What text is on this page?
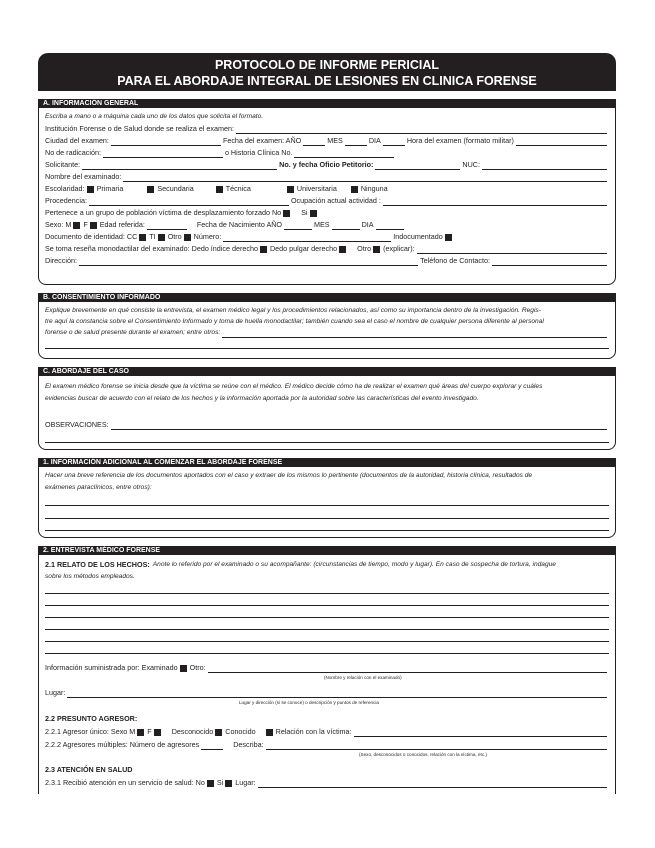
PROTOCOLO DE INFORME PERICIAL
PARA EL ABORDAJE INTEGRAL DE LESIONES EN CLINICA FORENSE
A. INFORMACIÓN GENERAL
Escriba a mano o a máquina cada uno de los datos que solicita el formato.
Institución Forense o de Salud donde se realiza el examen:
Ciudad del examen:	Fecha del examen: AÑO	MES	DIA	Hora del examen (formato militar)
No de radicación:	o Historia Clínica No.
Solicitante:	No. y fecha Oficio Petitorio:	NUC:
Nombre del examinado:
Escolaridad: Primaria	Secundaria	Técnica	Universitaria	Ninguna
Procedencia:	Ocupación actual actividad :
Pertenece a un grupo de población víctima de desplazamiento forzado No	Si
Sexo: M F Edad referida:	Fecha de Nacimiento AÑO	MES	DIA
Documento de identidad: CC TI Otro Número:	Indocumentado
Se toma reseña monodactilar del examinado: Dedo índice derecho Dedo pulgar derecho	Otro (explicar):
Dirección:	Teléfono de Contacto:
B. CONSENTIMIENTO INFORMADO
Explique brevemente en qué consiste la entrevista, el examen médico legal y los procedimientos relacionados, así como su importancia dentro de la investigación. Regis-
tre aquí la constancia sobre el Consentimiento Informado y toma de huella monodactilar; también cuando sea el caso el nombre de cualquier persona diferente al personal
forense o de salud presente durante el examen; entre otros:
C. ABORDAJE DEL CASO
El examen médico forense se inicia desde que la víctima se reúne con el médico. El médico decide cómo ha de realizar el examen qué áreas del cuerpo explorar y cuáles
evidencias buscar de acuerdo con el relato de los hechos y la información aportada por la autoridad sobre las características del evento investigado.
OBSERVACIONES:
1. INFORMACIÓN ADICIONAL AL COMENZAR EL ABORDAJE FORENSE
Hacer una breve referencia de los documentos aportados con el caso y extraer de los mismos lo pertinente (documentos de la autoridad, historia clínica, resultados de
exámenes paraclínicos, entre otros):
2. ENTREVISTA MÉDICO FORENSE
2.1 RELATO DE LOS HECHOS: Anote lo referido por el examinado o su acompañante: (circunstancias de tiempo, modo y lugar). En caso de sospecha de tortura, indague
sobre los métodos empleados.
Información suministrada por: Examinado Otro:
(Nombre y relación con el examinado)
Lugar:
Lugar y dirección (si se conoce) o descripción y puntos de referencia
2.2 PRESUNTO AGRESOR:
2.2.1 Agresor único: Sexo M F	Desconocido Conocido	Relación con la víctima:
2.2.2 Agresores múltiples: Número de agresores	Describa:
(Sexo, desconocidos o conocidos, relación con la víctima, etc.)
2.3 ATENCIÓN EN SALUD
2.3.1 Recibió atención en un servicio de salud: No Si Lugar:
